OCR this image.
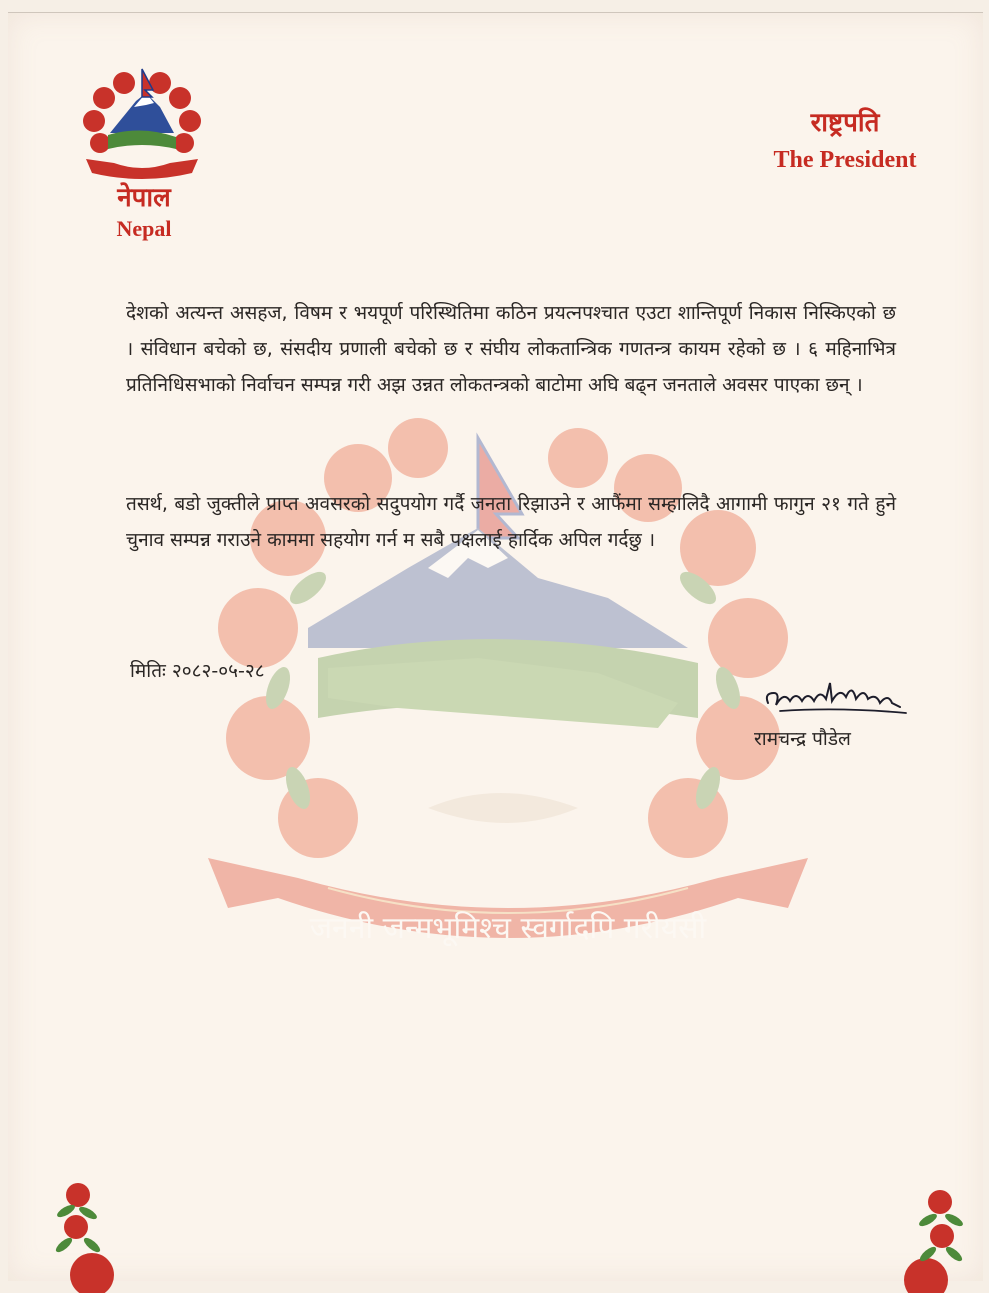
जननी जन्मभूमिश्च स्वर्गादपि गरीयसी
नेपाल
Nepal
राष्ट्रपति
The President

देशको अत्यन्त असहज, विषम र भयपूर्ण परिस्थितिमा कठिन प्रयत्नपश्चात एउटा शान्तिपूर्ण निकास निस्किएको छ । संविधान बचेको छ, संसदीय प्रणाली बचेको छ र संघीय लोकतान्त्रिक गणतन्त्र कायम रहेको छ । ६ महिनाभित्र प्रतिनिधिसभाको निर्वाचन सम्पन्न गरी अझ उन्नत लोकतन्त्रको बाटोमा अघि बढ्न जनताले अवसर पाएका छन् ।

तसर्थ, बडो जुक्तीले प्राप्त अवसरको सदुपयोग गर्दै जनता रिझाउने र आफैंमा सम्हालिदै आगामी फागुन २१ गते हुने चुनाव सम्पन्न गराउने काममा सहयोग गर्न म सबै पक्षलाई हार्दिक अपिल गर्दछु ।

मितिः २०८२-०५-२८
रामचन्द्र पौडेल
